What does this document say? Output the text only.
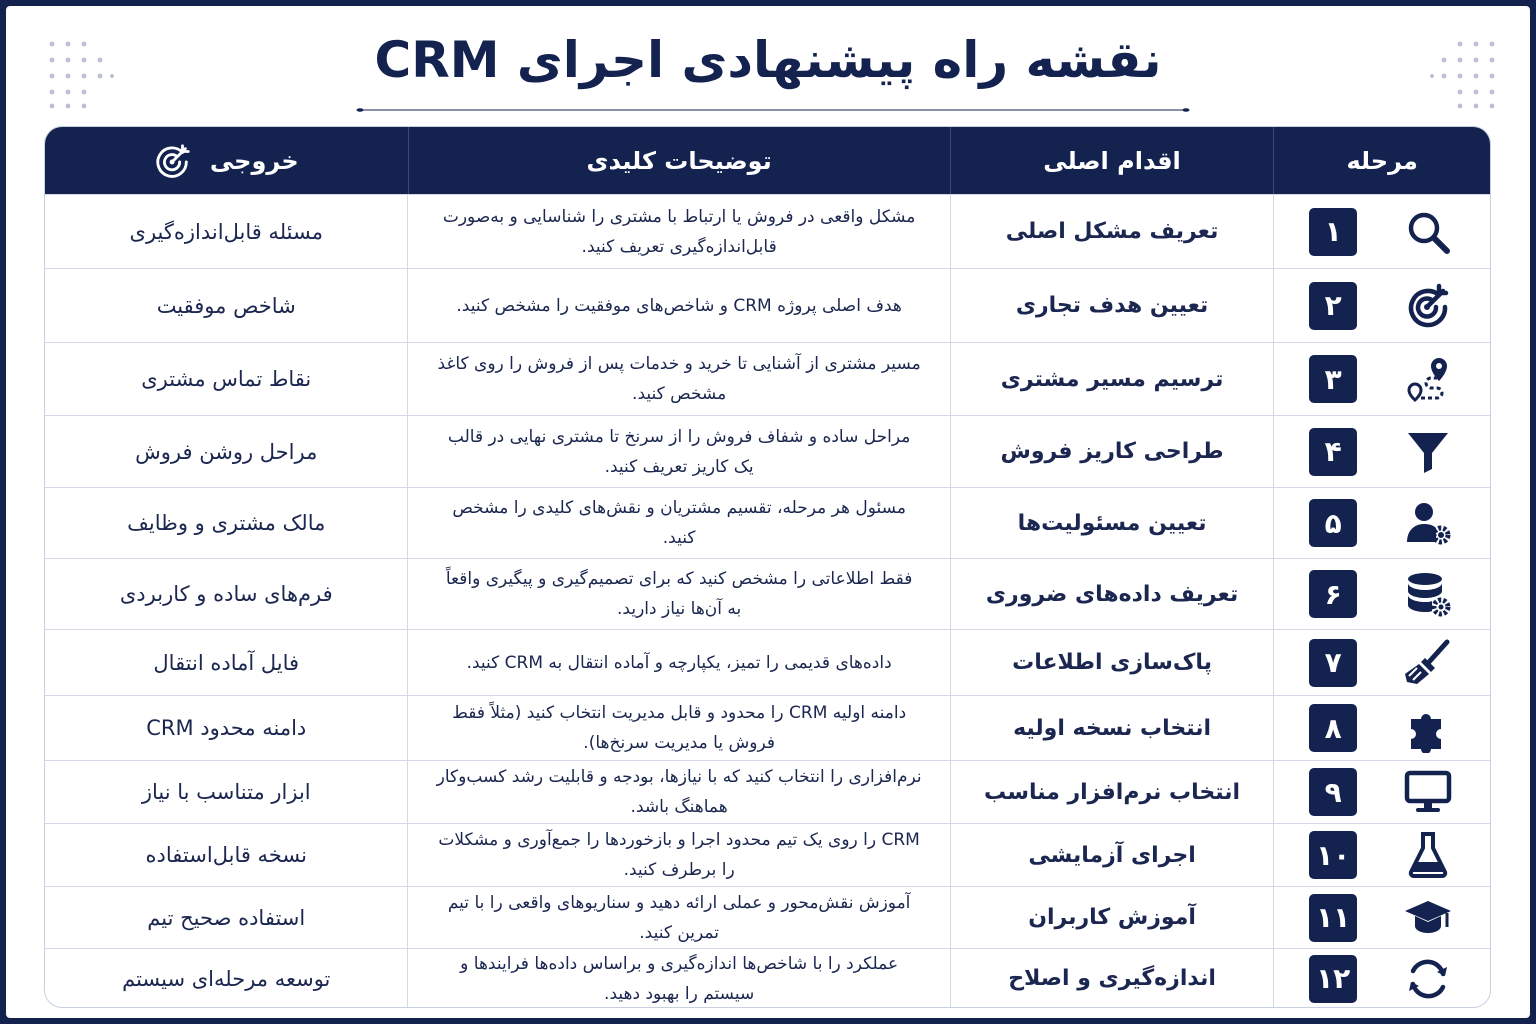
نقشه راه پیشنهادی اجرای CRM
مرحله
اقدام اصلی
توضیحات کلیدی
خروجی
۱
تعریف مشکل اصلی
مشکل واقعی در فروش یا ارتباط با مشتری را شناسایی و به‌صورت قابل‌اندازه‌گیری تعریف کنید.
مسئله قابل‌اندازه‌گیری
۲
تعیین هدف تجاری
هدف اصلی پروژه CRM و شاخص‌های موفقیت را مشخص کنید.
شاخص موفقیت
۳
ترسیم مسیر مشتری
مسیر مشتری از آشنایی تا خرید و خدمات پس از فروش را روی کاغذ مشخص کنید.
نقاط تماس مشتری
۴
طراحی کاریز فروش
مراحل ساده و شفاف فروش را از سرنخ تا مشتری نهایی در قالب یک کاریز تعریف کنید.
مراحل روشن فروش
۵
تعیین مسئولیت‌ها
مسئول هر مرحله، تقسیم مشتریان و نقش‌های کلیدی را مشخص کنید.
مالک مشتری و وظایف
۶
تعریف داده‌های ضروری
فقط اطلاعاتی را مشخص کنید که برای تصمیم‌گیری و پیگیری واقعاً به آن‌ها نیاز دارید.
فرم‌های ساده و کاربردی
۷
پاک‌سازی اطلاعات
داده‌های قدیمی را تمیز، یکپارچه و آماده انتقال به CRM کنید.
فایل آماده انتقال
۸
انتخاب نسخه اولیه
دامنه اولیه CRM را محدود و قابل مدیریت انتخاب کنید (مثلاً فقط فروش یا مدیریت سرنخ‌ها).
دامنه محدود CRM
۹
انتخاب نرم‌افزار مناسب
نرم‌افزاری را انتخاب کنید که با نیازها، بودجه و قابلیت رشد کسب‌وکار هماهنگ باشد.
ابزار متناسب با نیاز
۱۰
اجرای آزمایشی
CRM را روی یک تیم محدود اجرا و بازخوردها را جمع‌آوری و مشکلات را برطرف کنید.
نسخه قابل‌استفاده
۱۱
آموزش کاربران
آموزش نقش‌محور و عملی ارائه دهید و سناریوهای واقعی را با تیم تمرین کنید.
استفاده صحیح تیم
۱۲
اندازه‌گیری و اصلاح
عملکرد را با شاخص‌ها اندازه‌گیری و براساس داده‌ها فرایندها و سیستم را بهبود دهید.
توسعه مرحله‌ای سیستم
